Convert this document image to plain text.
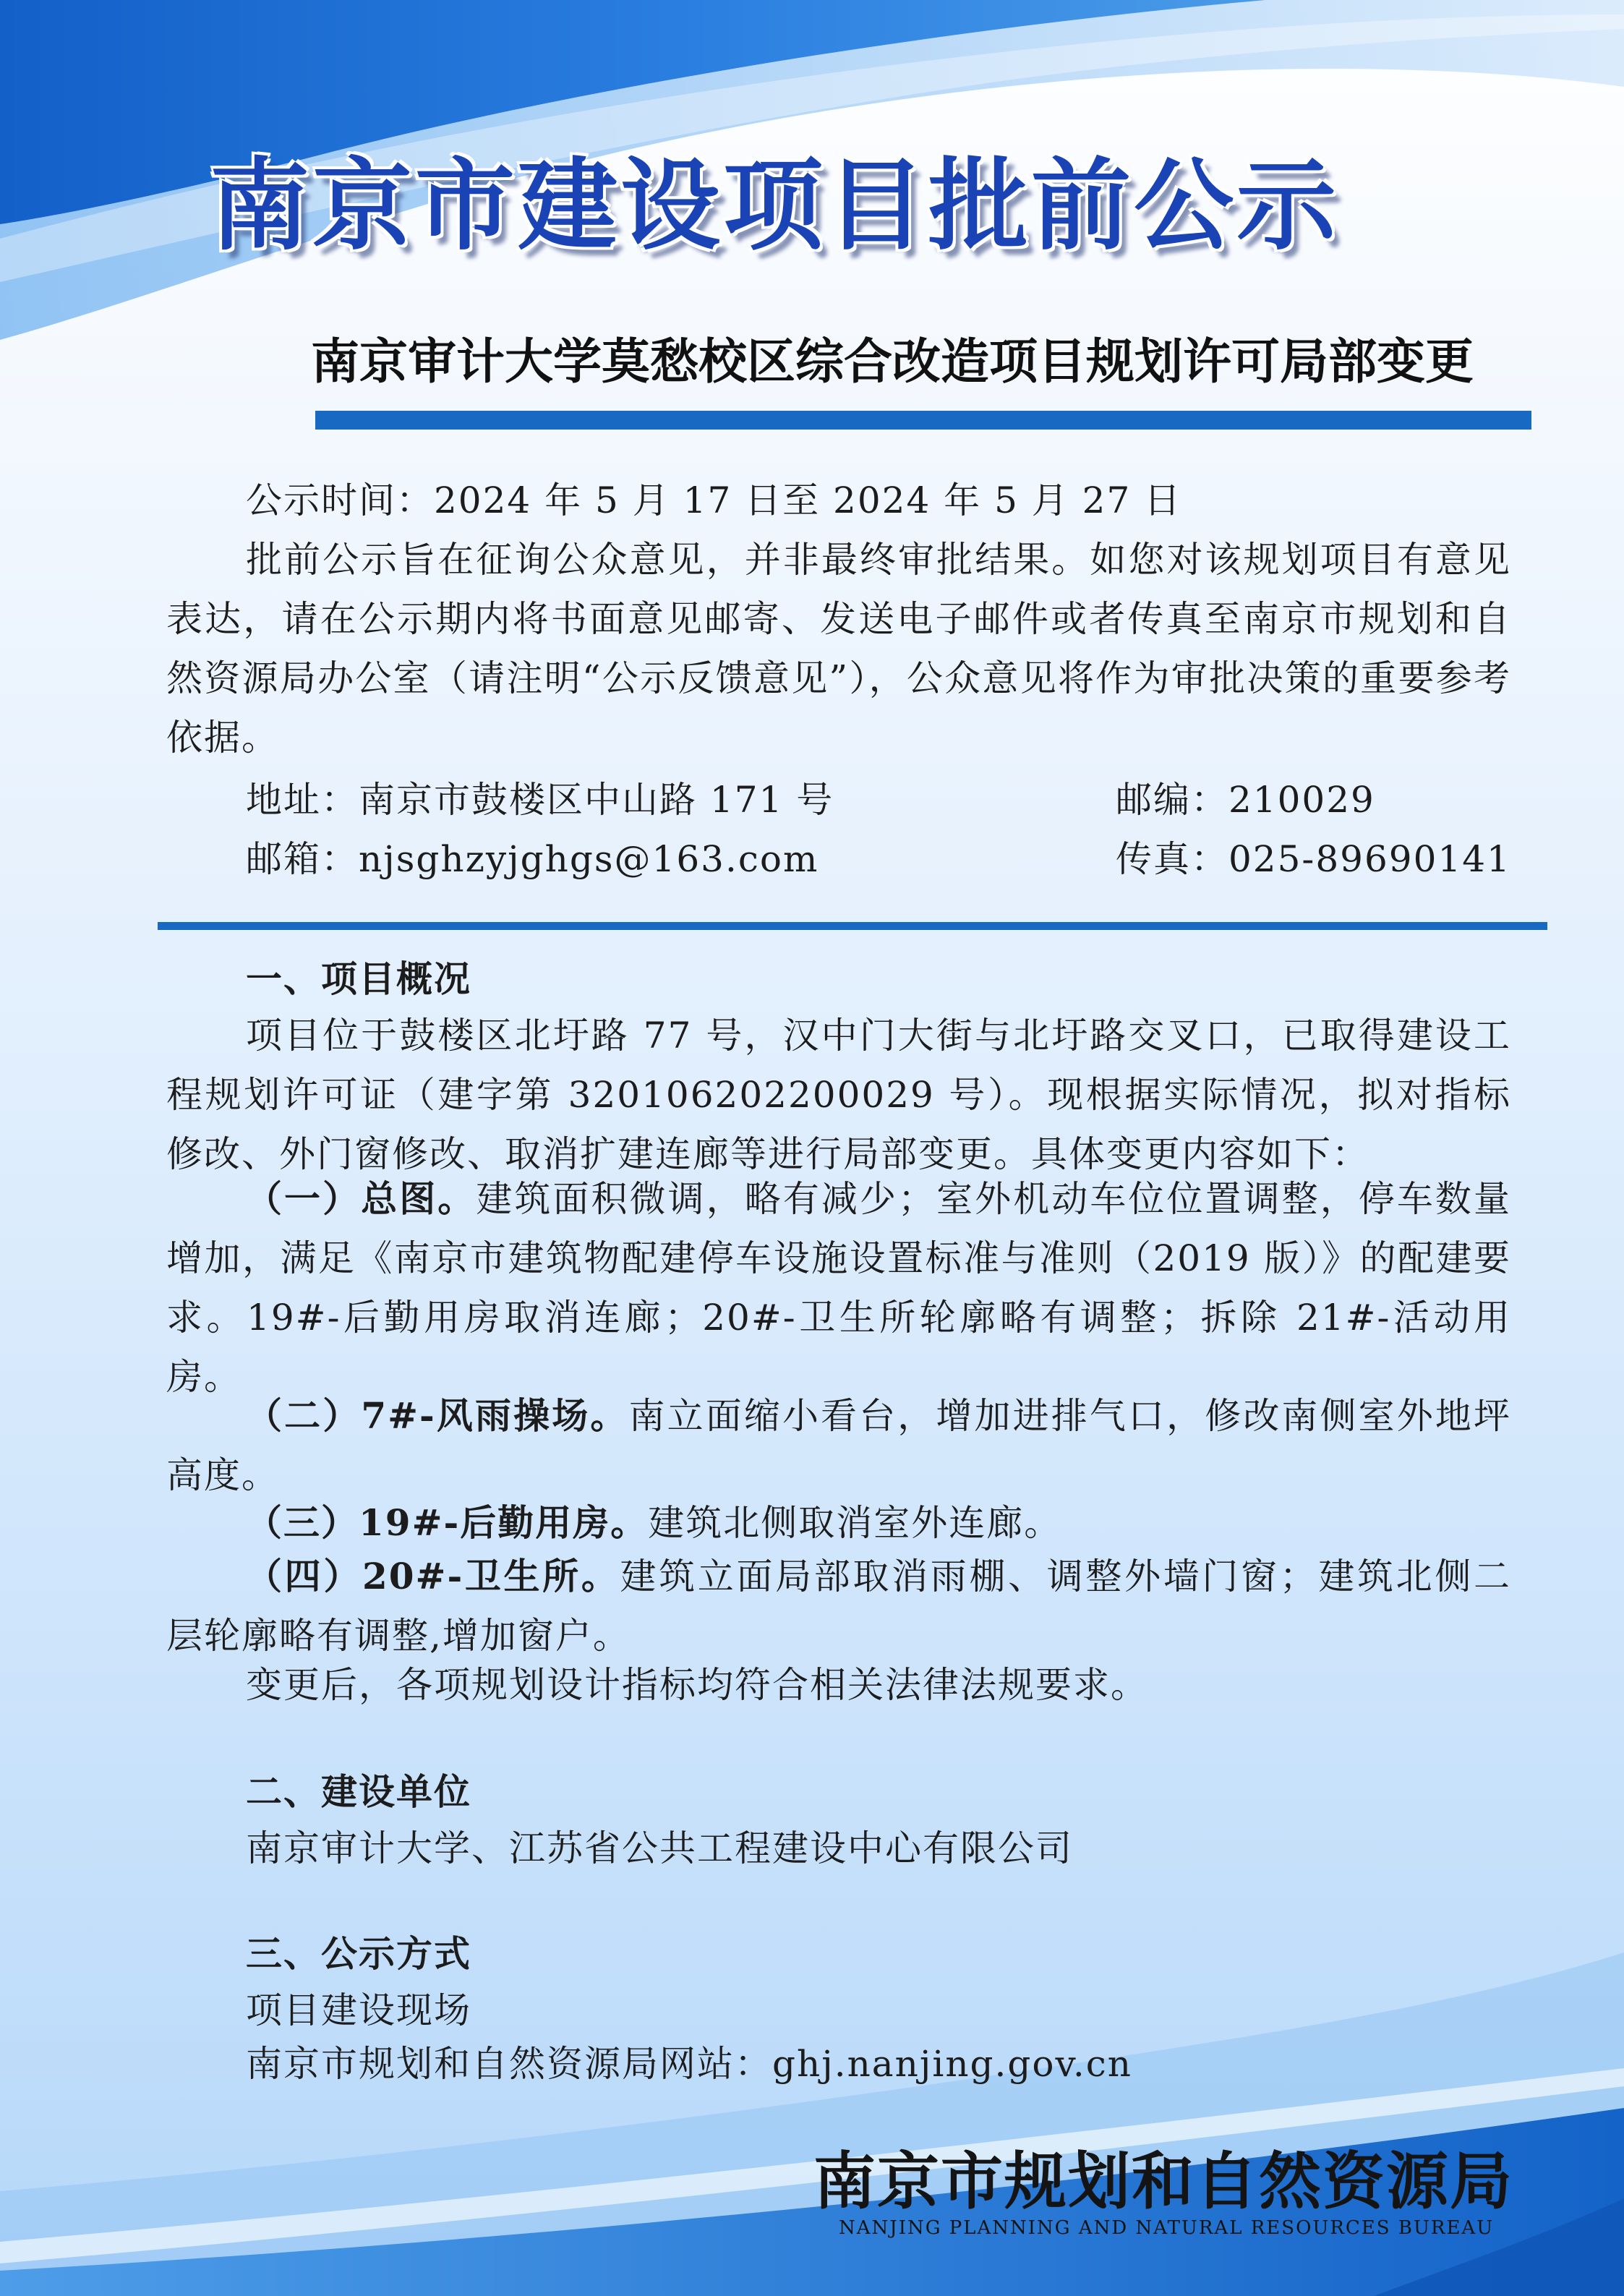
南京市建设项目批前公示
南京审计大学莫愁校区综合改造项目规划许可局部变更

公示时间：2024 年 5 月 17 日至 2024 年 5 月 27 日

批前公示旨在征询公众意见，并非最终审批结果。如您对该规划项目有意见表达，请在公示期内将书面意见邮寄、发送电子邮件或者传真至南京市规划和自然资源局办公室（请注明“公示反馈意见”），公众意见将作为审批决策的重要参考依据。

地址：南京市鼓楼区中山路 171 号	邮编：210029

邮箱：njsghzyjghgs@163.com	传真：025-89690141

一、项目概况

项目位于鼓楼区北圩路 77 号，汉中门大街与北圩路交叉口，已取得建设工程规划许可证（建字第 320106202200029 号）。现根据实际情况，拟对指标修改、外门窗修改、取消扩建连廊等进行局部变更。具体变更内容如下：

（一）总图。建筑面积微调，略有减少；室外机动车位位置调整，停车数量增加，满足《南京市建筑物配建停车设施设置标准与准则（2019 版）》的配建要求。19#-后勤用房取消连廊；20#-卫生所轮廓略有调整；拆除 21#-活动用房。

（二）7#-风雨操场。南立面缩小看台，增加进排气口，修改南侧室外地坪高度。

（三）19#-后勤用房。建筑北侧取消室外连廊。

（四）20#-卫生所。建筑立面局部取消雨棚、调整外墙门窗；建筑北侧二层轮廓略有调整,增加窗户。

变更后，各项规划设计指标均符合相关法律法规要求。

二、建设单位

南京审计大学、江苏省公共工程建设中心有限公司

三、公示方式

项目建设现场

南京市规划和自然资源局网站：ghj.nanjing.gov.cn

南京市规划和自然资源局

NANJING PLANNING AND NATURAL RESOURCES BUREAU
